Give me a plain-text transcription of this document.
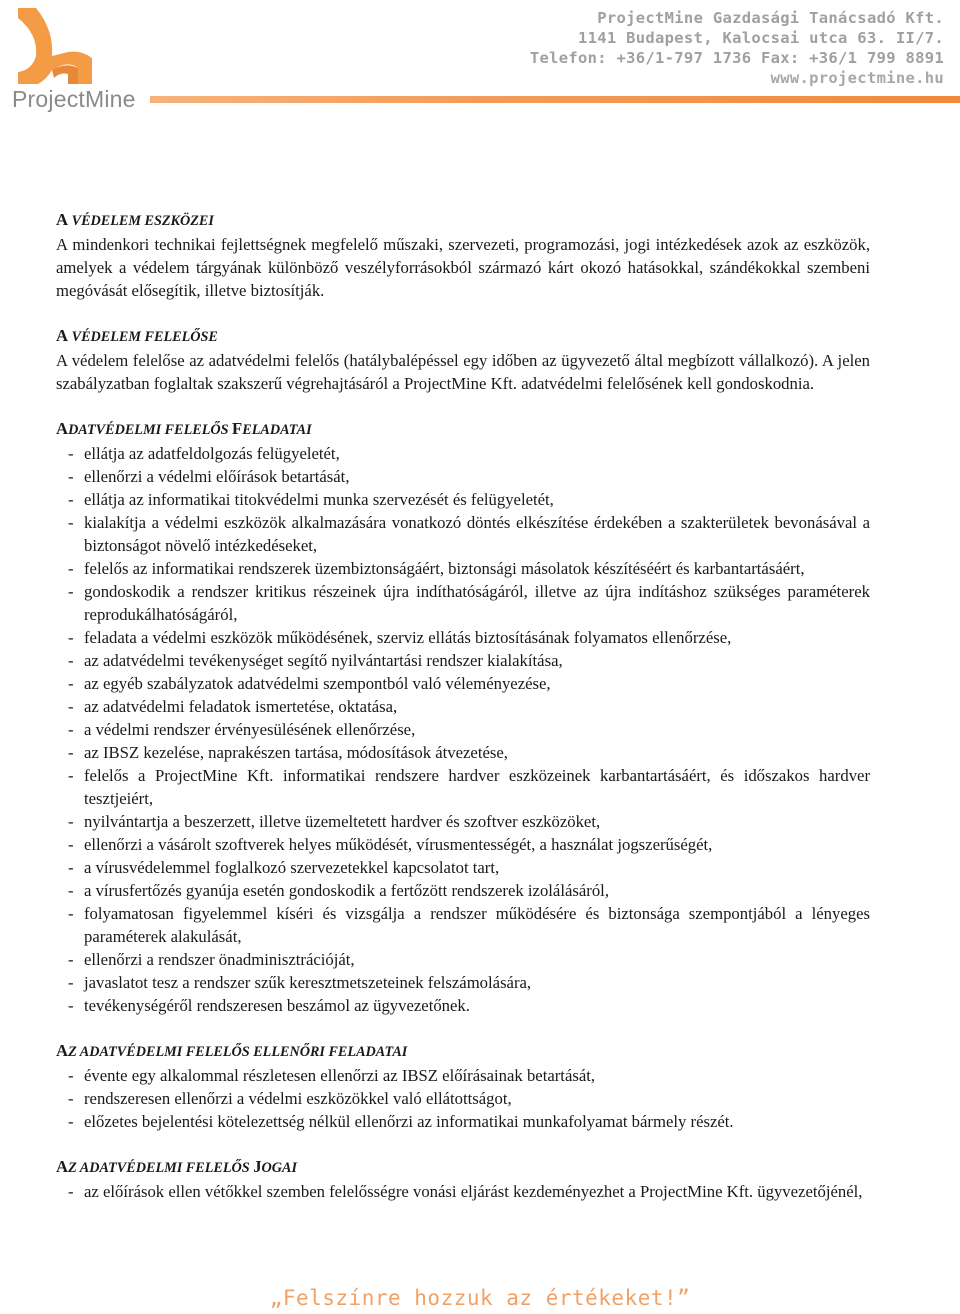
ProjectMine
ProjectMine Gazdasági Tanácsadó Kft.
1141 Budapest, Kalocsai utca 63. II/7.
Telefon: +36/1-797 1736 Fax: +36/1 799 8891
www.projectmine.hu

A VÉDELEM ESZKÖZEI

A mindenkori technikai fejlettségnek megfelelő műszaki, szervezeti, programozási, jogi intézkedések azok az eszközök, amelyek a védelem tárgyának különböző veszélyforrásokból származó kárt okozó hatásokkal, szándékokkal szembeni megóvását elősegítik, illetve biztosítják.

A VÉDELEM FELELŐSE

A védelem felelőse az adatvédelmi felelős (hatálybalépéssel egy időben az ügyvezető által megbízott vállalkozó). A jelen szabályzatban foglaltak szakszerű végrehajtásáról a ProjectMine Kft. adatvédelmi felelősének kell gondoskodnia.

ADATVÉDELMI FELELŐS FELADATAI

- ellátja az adatfeldolgozás felügyeletét,
- ellenőrzi a védelmi előírások betartását,
- ellátja az informatikai titokvédelmi munka szervezését és felügyeletét,
- kialakítja a védelmi eszközök alkalmazására vonatkozó döntés elkészítése érdekében a szakterületek bevonásával a biztonságot növelő intézkedéseket,
- felelős az informatikai rendszerek üzembiztonságáért, biztonsági másolatok készítéséért és karbantartásáért,
- gondoskodik a rendszer kritikus részeinek újra indíthatóságáról, illetve az újra indításhoz szükséges paraméterek reprodukálhatóságáról,
- feladata a védelmi eszközök működésének, szerviz ellátás biztosításának folyamatos ellenőrzése,
- az adatvédelmi tevékenységet segítő nyilvántartási rendszer kialakítása,
- az egyéb szabályzatok adatvédelmi szempontból való véleményezése,
- az adatvédelmi feladatok ismertetése, oktatása,
- a védelmi rendszer érvényesülésének ellenőrzése,
- az IBSZ kezelése, naprakészen tartása, módosítások átvezetése,
- felelős a ProjectMine Kft. informatikai rendszere hardver eszközeinek karbantartásáért, és időszakos hardver tesztjeiért,
- nyilvántartja a beszerzett, illetve üzemeltetett hardver és szoftver eszközöket,
- ellenőrzi a vásárolt szoftverek helyes működését, vírusmentességét, a használat jogszerűségét,
- a vírusvédelemmel foglalkozó szervezetekkel kapcsolatot tart,
- a vírusfertőzés gyanúja esetén gondoskodik a fertőzött rendszerek izolálásáról,
- folyamatosan figyelemmel kíséri és vizsgálja a rendszer működésére és biztonsága szempontjából a lényeges paraméterek alakulását,
- ellenőrzi a rendszer önadminisztrációját,
- javaslatot tesz a rendszer szűk keresztmetszeteinek felszámolására,
- tevékenységéről rendszeresen beszámol az ügyvezetőnek.

AZ ADATVÉDELMI FELELŐS ELLENŐRI FELADATAI

- évente egy alkalommal részletesen ellenőrzi az IBSZ előírásainak betartását,
- rendszeresen ellenőrzi a védelmi eszközökkel való ellátottságot,
- előzetes bejelentési kötelezettség nélkül ellenőrzi az informatikai munkafolyamat bármely részét.

AZ ADATVÉDELMI FELELŐS JOGAI

- az előírások ellen vétőkkel szemben felelősségre vonási eljárást kezdeményezhet a ProjectMine Kft. ügyvezetőjénél,
„Felszínre hozzuk az értékeket!”
